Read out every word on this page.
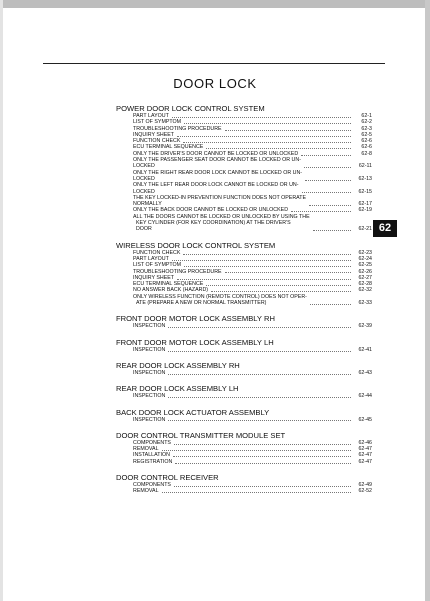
DOOR LOCK
POWER DOOR LOCK CONTROL SYSTEM
PART LAYOUT	62-1
LIST OF SYMPTOM	62-2
TROUBLESHOOTING PROCEDURE	62-3
INQUIRY SHEET	62-5
FUNCTION CHECK	62-6
ECU TERMINAL SEQUENCE	62-6
ONLY THE DRIVER'S DOOR CANNOT BE LOCKED OR UNLOCKED	62-8
ONLY THE PASSENGER SEAT DOOR CANNOT BE LOCKED OR UN-
LOCKED	62-11
ONLY THE RIGHT REAR DOOR LOCK CANNOT BE LOCKED OR UN-
LOCKED	62-13
ONLY THE LEFT REAR DOOR LOCK CANNOT BE LOCKED OR UN-
LOCKED	62-15
THE KEY LOCKED-IN PREVENTION FUNCTION DOES NOT OPERATE
NORMALLY	62-17
ONLY THE BACK DOOR CANNOT BE LOCKED OR UNLOCKED	62-19
ALL THE DOORS CANNOT BE LOCKED OR UNLOCKED BY USING THE
KEY CYLINDER (FOR KEY COORDINATION) AT THE DRIVER'S
DOOR	62-21
WIRELESS DOOR LOCK CONTROL SYSTEM
FUNCTION CHECK	62-23
PART LAYOUT	62-24
LIST OF SYMPTOM	62-25
TROUBLESHOOTING PROCEDURE	62-26
INQUIRY SHEET	62-27
ECU TERMINAL SEQUENCE	62-28
NO ANSWER BACK (HAZARD)	62-32
ONLY WIRELESS FUNCTION (REMOTE CONTROL) DOES NOT OPER-
ATE (PREPARE A NEW OR NORMAL TRANSMITTER)	62-33
FRONT DOOR MOTOR LOCK ASSEMBLY RH
INSPECTION	62-39
FRONT DOOR MOTOR LOCK ASSEMBLY LH
INSPECTION	62-41
REAR DOOR LOCK ASSEMBLY RH
INSPECTION	62-43
REAR DOOR LOCK ASSEMBLY LH
INSPECTION	62-44
BACK DOOR LOCK ACTUATOR ASSEMBLY
INSPECTION	62-45
DOOR CONTROL TRANSMITTER MODULE SET
COMPONENTS	62-46
REMOVAL	62-47
INSTALLATION	62-47
REGISTRATION	62-47
DOOR CONTROL RECEIVER
COMPONENTS	62-49
REMOVAL	62-52
62
